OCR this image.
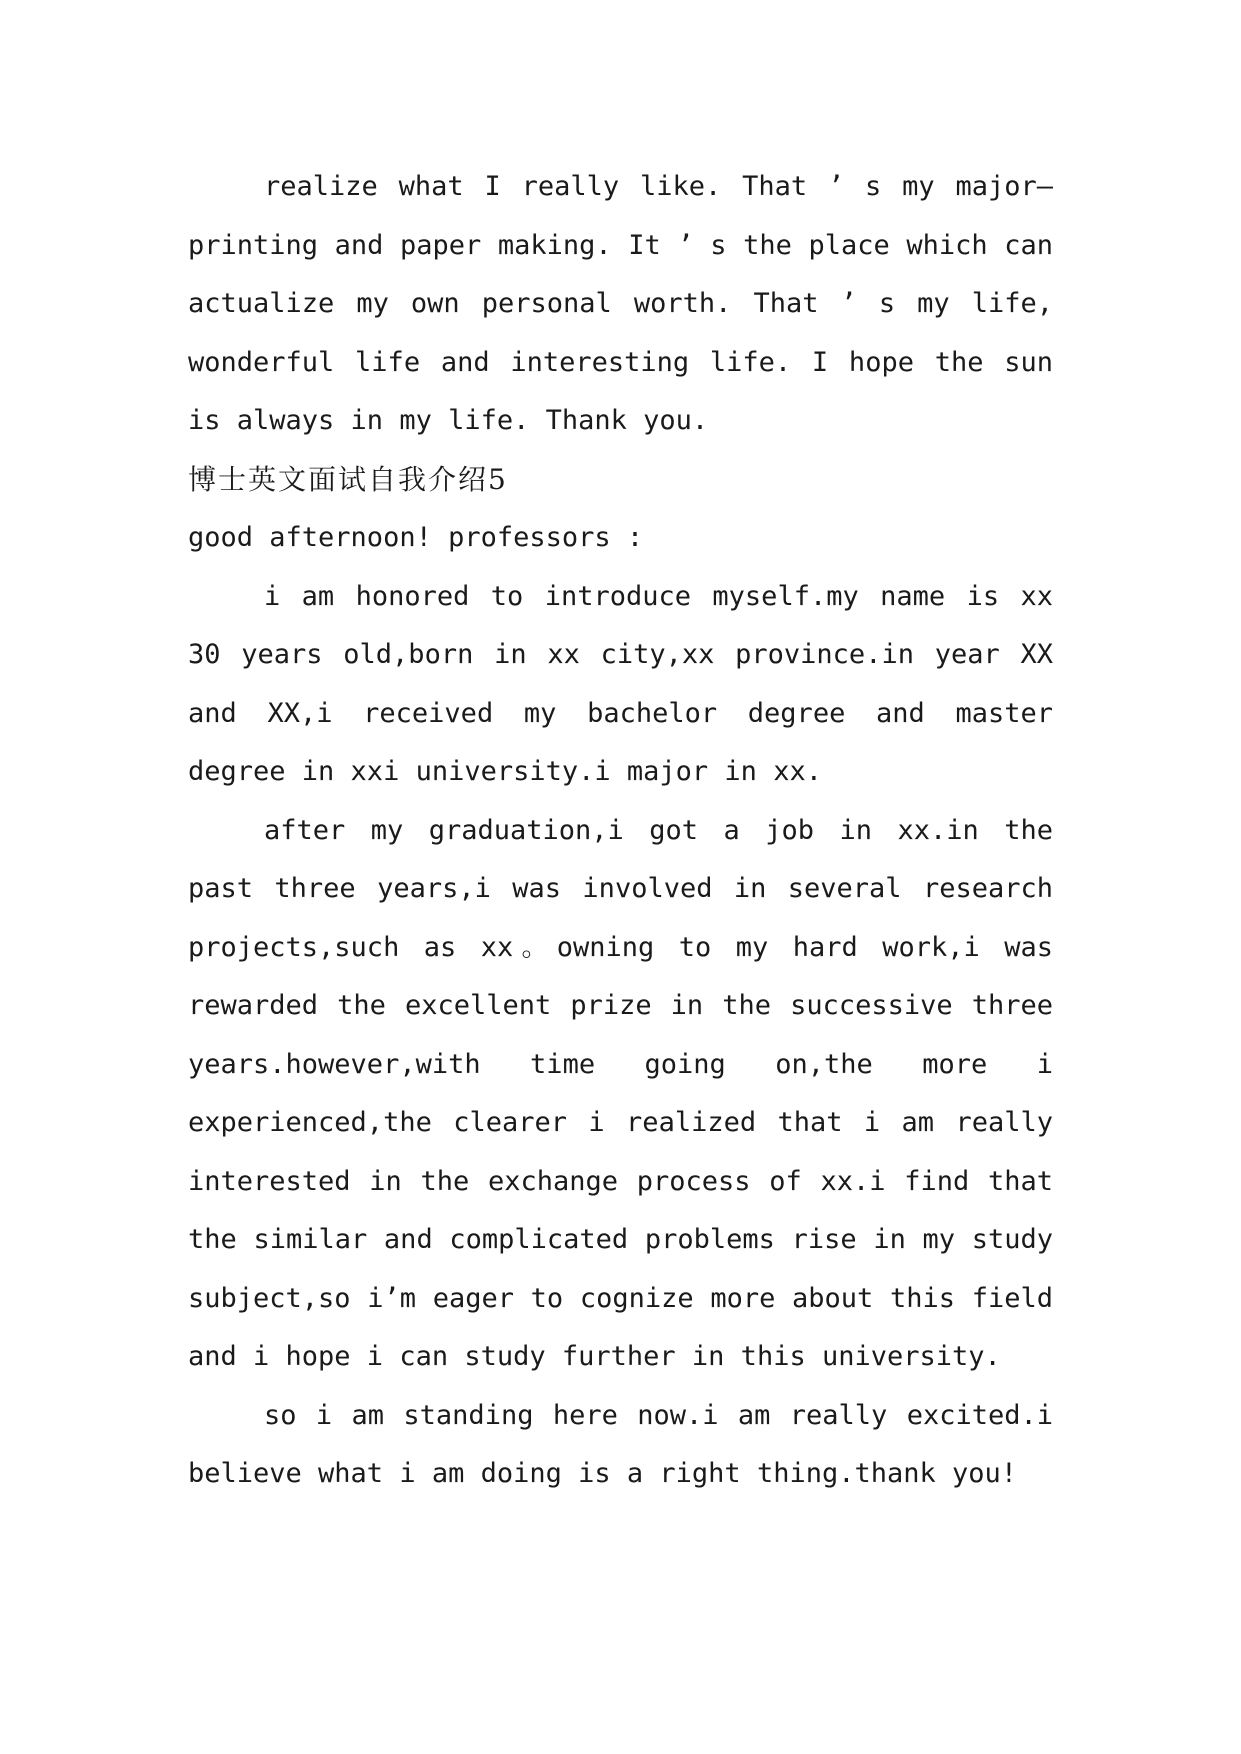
realize what I really like. That ’ s my major—printing and paper making. It ’ s the place which can actualize my own personal worth. That ’ s my life, wonderful life and interesting life. I hope the sun is always in my life. Thank you.

博士英文面试自我介绍5

good afternoon! professors :

i am honored to introduce myself.my name is xx 30 years old,born in xx city,xx province.in year XX and XX,i received my bachelor degree and master degree in xxi university.i major in xx.

after my graduation,i got a job in xx.in the past three years,i was involved in several research projects,such as xx。owning to my hard work,i was rewarded the excellent prize in the successive three years.however,with time going on,the more i experienced,the clearer i realized that i am really interested in the exchange process of xx.i find that the similar and complicated problems rise in my study subject,so i’m eager to cognize more about this field and i hope i can study further in this university.

so i am standing here now.i am really excited.i believe what i am doing is a right thing.thank you!
